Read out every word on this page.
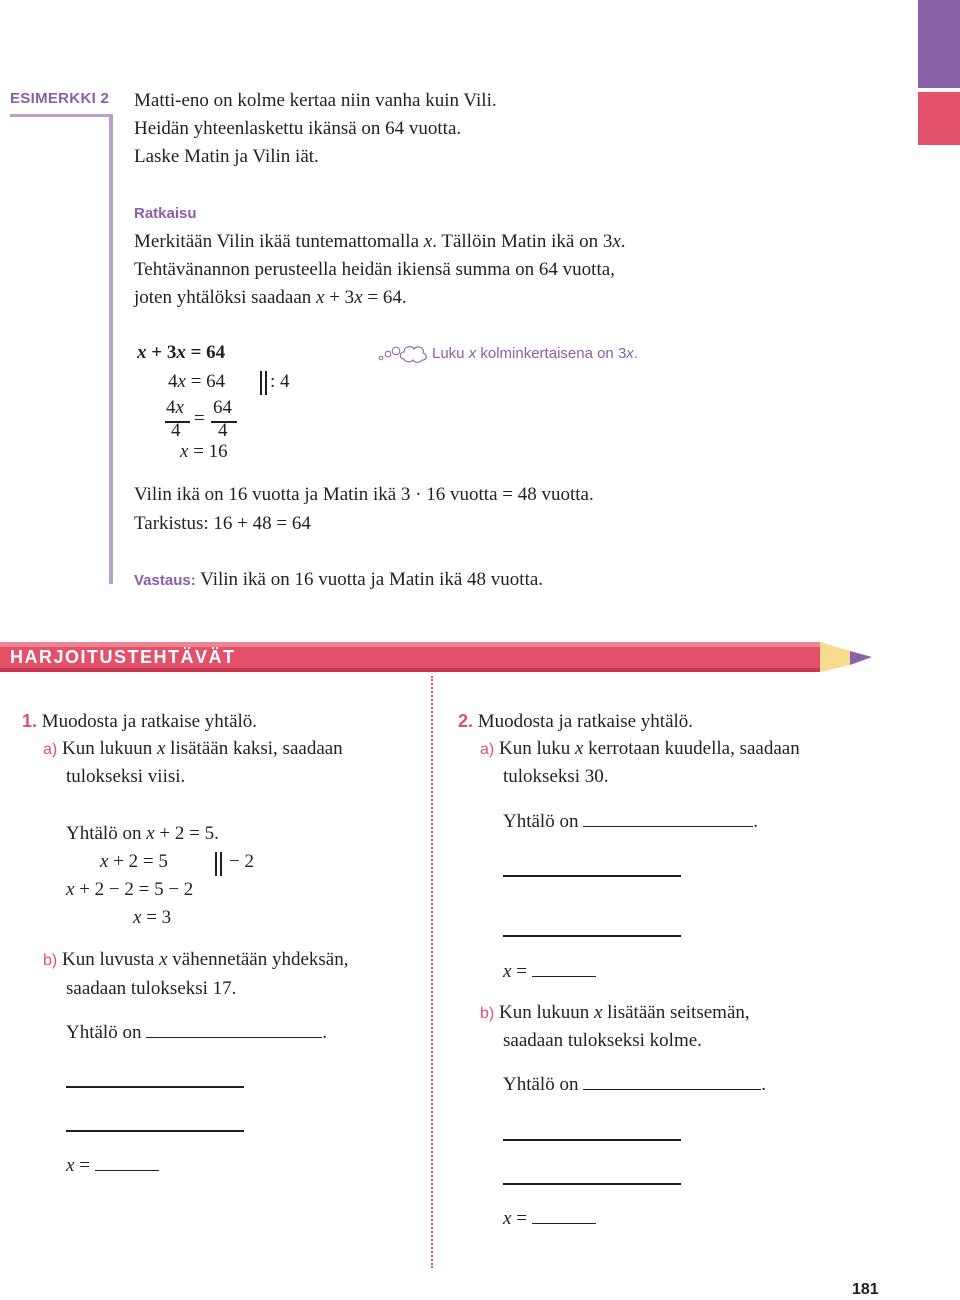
ESIMERKKI 2 Matti-eno on kolme kertaa niin vanha kuin Vili.
Heidän yhteenlaskettu ikänsä on 64 vuotta.
Laske Matin ja Vilin iät.
Ratkaisu
Merkitään Vilin ikää tuntemattomalla x. Tällöin Matin ikä on 3x.
Tehtävänannon perusteella heidän ikiensä summa on 64 vuotta,
joten yhtälöksi saadaan x + 3x = 64.
x + 3x = 64
4x = 64 : 4
4x
4
=
64
4
x = 16
Luku x kolminkertaisena on 3x.
Vilin ikä on 16 vuotta ja Matin ikä 3 · 16 vuotta = 48 vuotta.
Tarkistus: 16 + 48 = 64
Vastaus: Vilin ikä on 16 vuotta ja Matin ikä 48 vuotta.
HARJOITUSTEHTÄVÄT
1. Muodosta ja ratkaise yhtälö.
a) Kun lukuun x lisätään kaksi, saadaan
tulokseksi viisi.
Yhtälö on x + 2 = 5.
x + 2 = 5	− 2
x + 2 − 2 = 5 − 2
x = 3
b) Kun luvusta x vähennetään yhdeksän,
saadaan tulokseksi 17.
Yhtälö on	.
x =
2. Muodosta ja ratkaise yhtälö.
a) Kun luku x kerrotaan kuudella, saadaan
tulokseksi 30.
Yhtälö on	.
x =
b) Kun lukuun x lisätään seitsemän,
saadaan tulokseksi kolme.
Yhtälö on	.
x =
181
